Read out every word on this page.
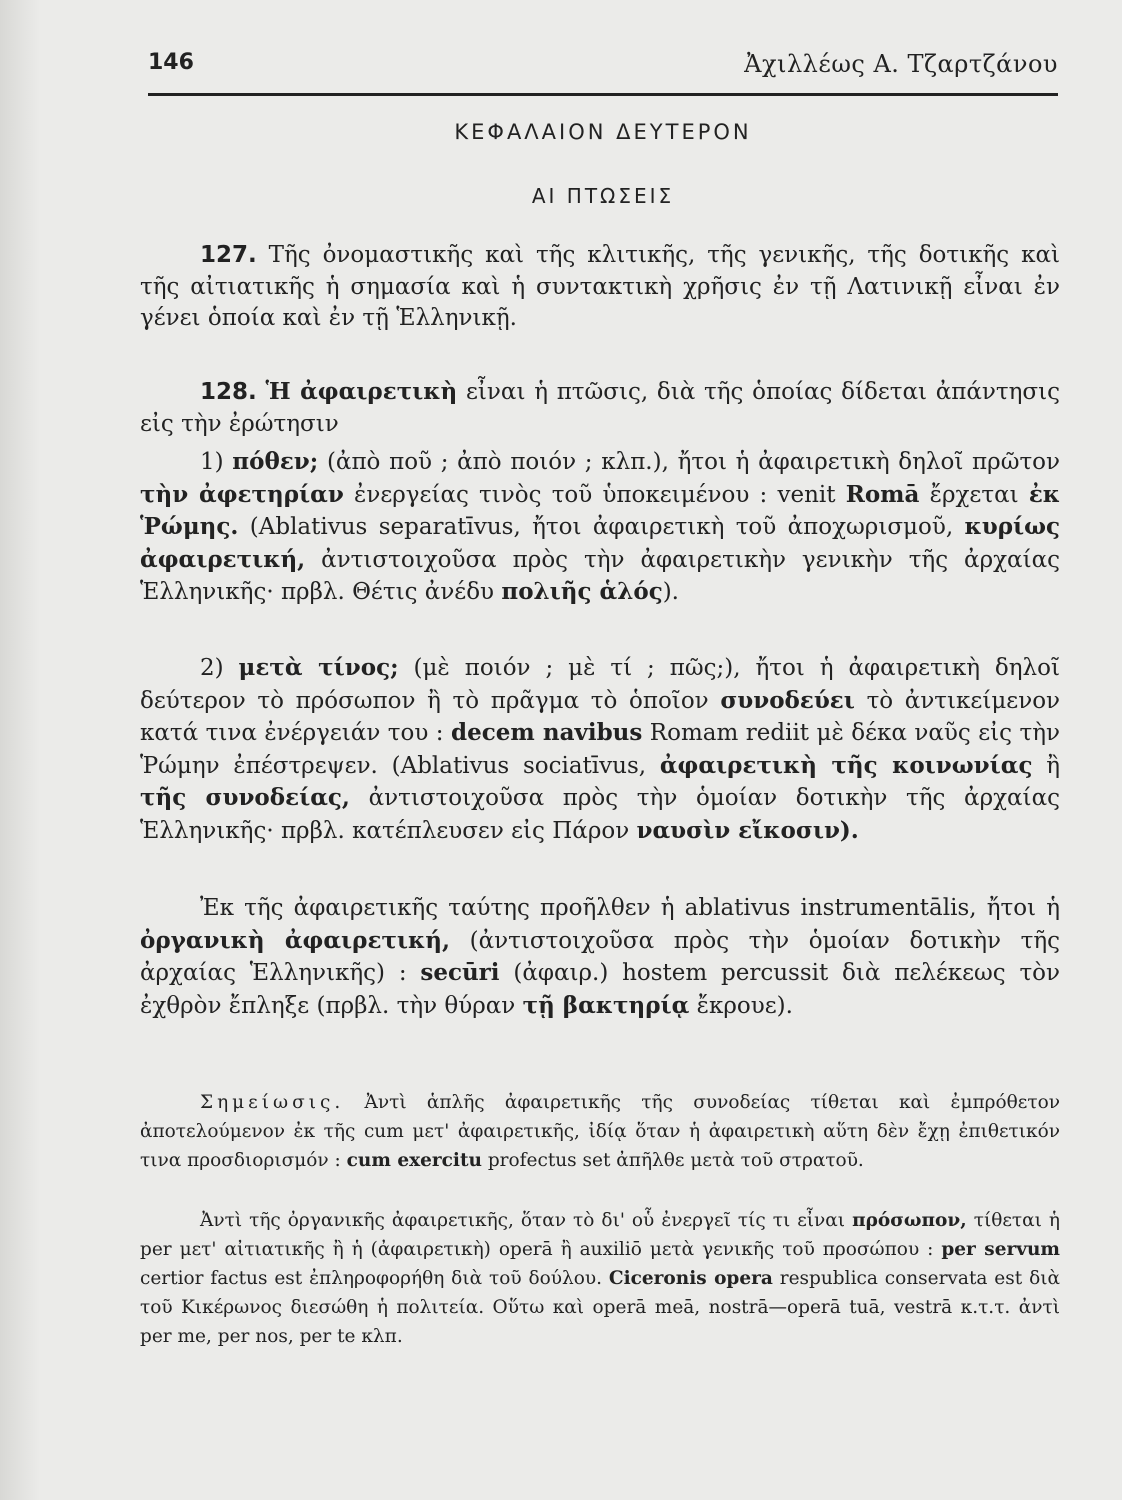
146	Ἀχιλλέως Α. Τζαρτζάνου
ΚΕΦΑΛΑΙΟΝ ΔΕΥΤΕΡΟΝ
ΑΙ ΠΤΩΣΕΙΣ

127. Τῆς ὀνομαστικῆς καὶ τῆς κλιτικῆς, τῆς γενικῆς, τῆς δοτικῆς καὶ τῆς αἰτιατικῆς ἡ σημασία καὶ ἡ συντακτικὴ χρῆσις ἐν τῇ Λατινικῇ εἶναι ἐν γένει ὁποία καὶ ἐν τῇ Ἑλληνικῇ.

128. Ἡ ἀφαιρετικὴ εἶναι ἡ πτῶσις, διὰ τῆς ὁποίας δίδεται ἀπάντησις εἰς τὴν ἐρώτησιν

1) πόθεν; (ἀπὸ ποῦ ; ἀπὸ ποιόν ; κλπ.), ἤτοι ἡ ἀφαιρετικὴ δηλοῖ πρῶτον τὴν ἀφετηρίαν ἐνεργείας τινὸς τοῦ ὑποκειμένου : venit Romā ἔρχεται ἐκ Ῥώμης. (Ablativus separatīvus, ἤτοι ἀφαιρετικὴ τοῦ ἀποχωρισμοῦ, κυρίως ἀφαιρετική, ἀντιστοιχοῦσα πρὸς τὴν ἀφαιρετικὴν γενικὴν τῆς ἀρχαίας Ἑλληνικῆς· πρβλ. Θέτις ἀνέδυ πολιῆς ἁλός).

2) μετὰ τίνος; (μὲ ποιόν ; μὲ τί ; πῶς;), ἤτοι ἡ ἀφαιρετικὴ δηλοῖ δεύτερον τὸ πρόσωπον ἢ τὸ πρᾶγμα τὸ ὁποῖον συνοδεύει τὸ ἀντικείμενον κατά τινα ἐνέργειάν του : decem navibus Romam rediit μὲ δέκα ναῦς εἰς τὴν Ῥώμην ἐπέστρεψεν. (Ablativus sociatīvus, ἀφαιρετικὴ τῆς κοινωνίας ἢ τῆς συνοδείας, ἀντιστοιχοῦσα πρὸς τὴν ὁμοίαν δοτικὴν τῆς ἀρχαίας Ἑλληνικῆς· πρβλ. κατέπλευσεν εἰς Πάρον ναυσὶν εἴκοσιν).

Ἐκ τῆς ἀφαιρετικῆς ταύτης προῆλθεν ἡ ablativus instrumentālis, ἤτοι ἡ ὀργανικὴ ἀφαιρετική, (ἀντιστοιχοῦσα πρὸς τὴν ὁμοίαν δοτικὴν τῆς ἀρχαίας Ἑλληνικῆς) : secūri (ἀφαιρ.) hostem percussit διὰ πελέκεως τὸν ἐχθρὸν ἔπληξε (πρβλ. τὴν θύραν τῇ βακτηρίᾳ ἔκρουε).

Σημείωσις. Ἀντὶ ἁπλῆς ἀφαιρετικῆς τῆς συνοδείας τίθεται καὶ ἐμπρόθετον ἀποτελούμενον ἐκ τῆς cum μετ' ἀφαιρετικῆς, ἰδίᾳ ὅταν ἡ ἀφαιρετικὴ αὕτη δὲν ἔχῃ ἐπιθετικόν τινα προσδιορισμόν : cum exercitu profectus set ἀπῆλθε μετὰ τοῦ στρατοῦ.

Ἀντὶ τῆς ὀργανικῆς ἀφαιρετικῆς, ὅταν τὸ δι' οὗ ἐνεργεῖ τίς τι εἶναι πρόσωπον, τίθεται ἡ per μετ' αἰτιατικῆς ἢ ἡ (ἀφαιρετικὴ) operā ἢ auxiliō μετὰ γενικῆς τοῦ προσώπου : per servum certior factus est ἐπληροφορήθη διὰ τοῦ δούλου. Ciceronis opera respublica conservata est διὰ τοῦ Κικέρωνος διεσώθη ἡ πολιτεία. Οὕτω καὶ operā meā, nostrā—operā tuā, vestrā κ.τ.τ. ἀντὶ per me, per nos, per te κλπ.
